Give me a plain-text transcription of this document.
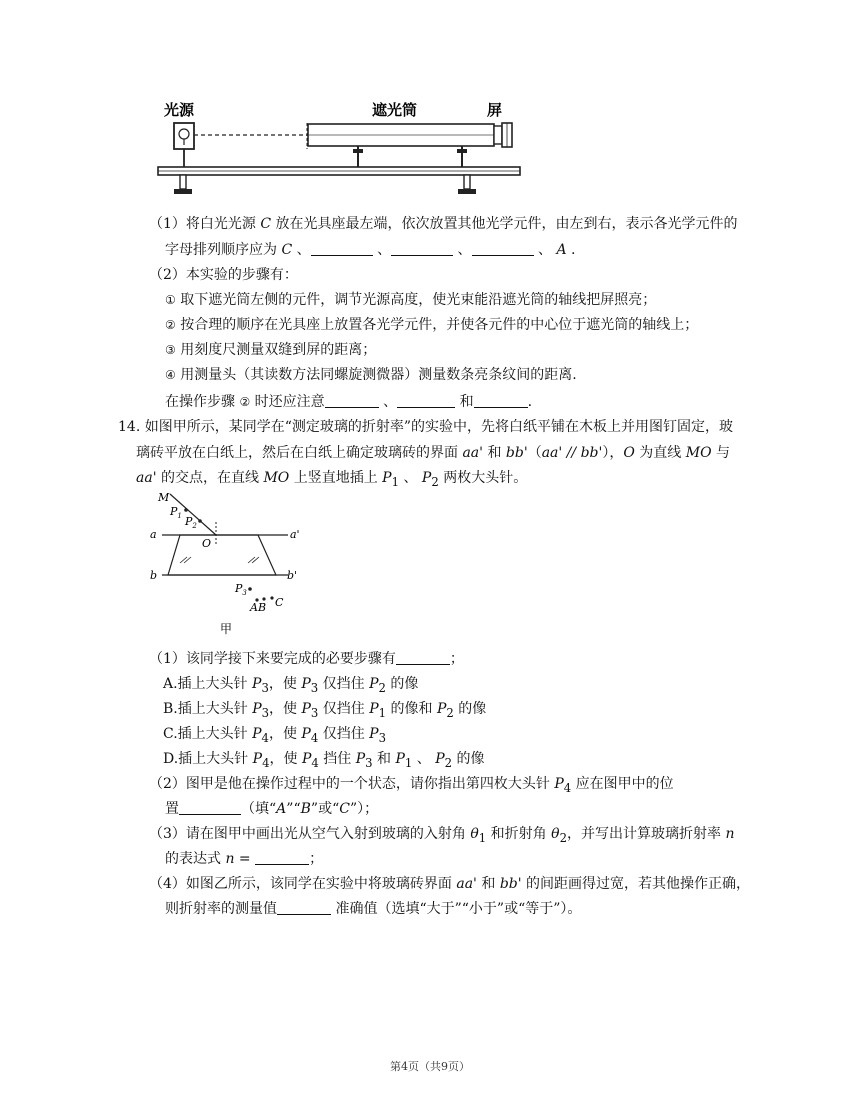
光源	遮光筒	屏
（1）将白光光源 C 放在光具座最左端，依次放置其他光学元件，由左到右，表示各光学元件的
字母排列顺序应为 C 、	、	、	、 A .
（2）本实验的步骤有：
① 取下遮光筒左侧的元件，调节光源高度，使光束能沿遮光筒的轴线把屏照亮；
② 按合理的顺序在光具座上放置各光学元件，并使各元件的中心位于遮光筒的轴线上；
③ 用刻度尺测量双缝到屏的距离；
④ 用测量头（其读数方法同螺旋测微器）测量数条亮条纹间的距离.
在操作步骤 ② 时还应注意	、	和	.
14. 如图甲所示，某同学在“测定玻璃的折射率”的实验中，先将白纸平铺在木板上并用图钉固定，玻
璃砖平放在白纸上，然后在白纸上确定玻璃砖的界面 aa' 和 bb'（aa' // bb'），O 为直线 MO 与
aa' 的交点，在直线 MO 上竖直地插上 $P_1$ 、 $P_2$ 两枚大头针。
M
$P_1$ $P_2$
O
a	a'
b	b'
$P_3$
A B C
甲
（1）该同学接下来要完成的必要步骤有	；
A.插上大头针 $P_3$，使 $P_3$ 仅挡住 $P_2$ 的像
B.插上大头针 $P_3$，使 $P_3$ 仅挡住 $P_1$ 的像和 $P_2$ 的像
C.插上大头针 $P_4$，使 $P_4$ 仅挡住 $P_3$
D.插上大头针 $P_4$，使 $P_4$ 挡住 $P_3$ 和 $P_1$ 、 $P_2$ 的像
（2）图甲是他在操作过程中的一个状态，请你指出第四枚大头针 $P_4$ 应在图甲中的位
置	（填“A”“B”或“C”）；
（3）请在图甲中画出光从空气入射到玻璃的入射角 $\theta_1$ 和折射角 $\theta_2$，并写出计算玻璃折射率 n
的表达式 n =	；
（4）如图乙所示，该同学在实验中将玻璃砖界面 aa' 和 bb' 的间距画得过宽，若其他操作正确，
则折射率的测量值	准确值（选填“大于”“小于”或“等于”）。
第4页（共9页）
